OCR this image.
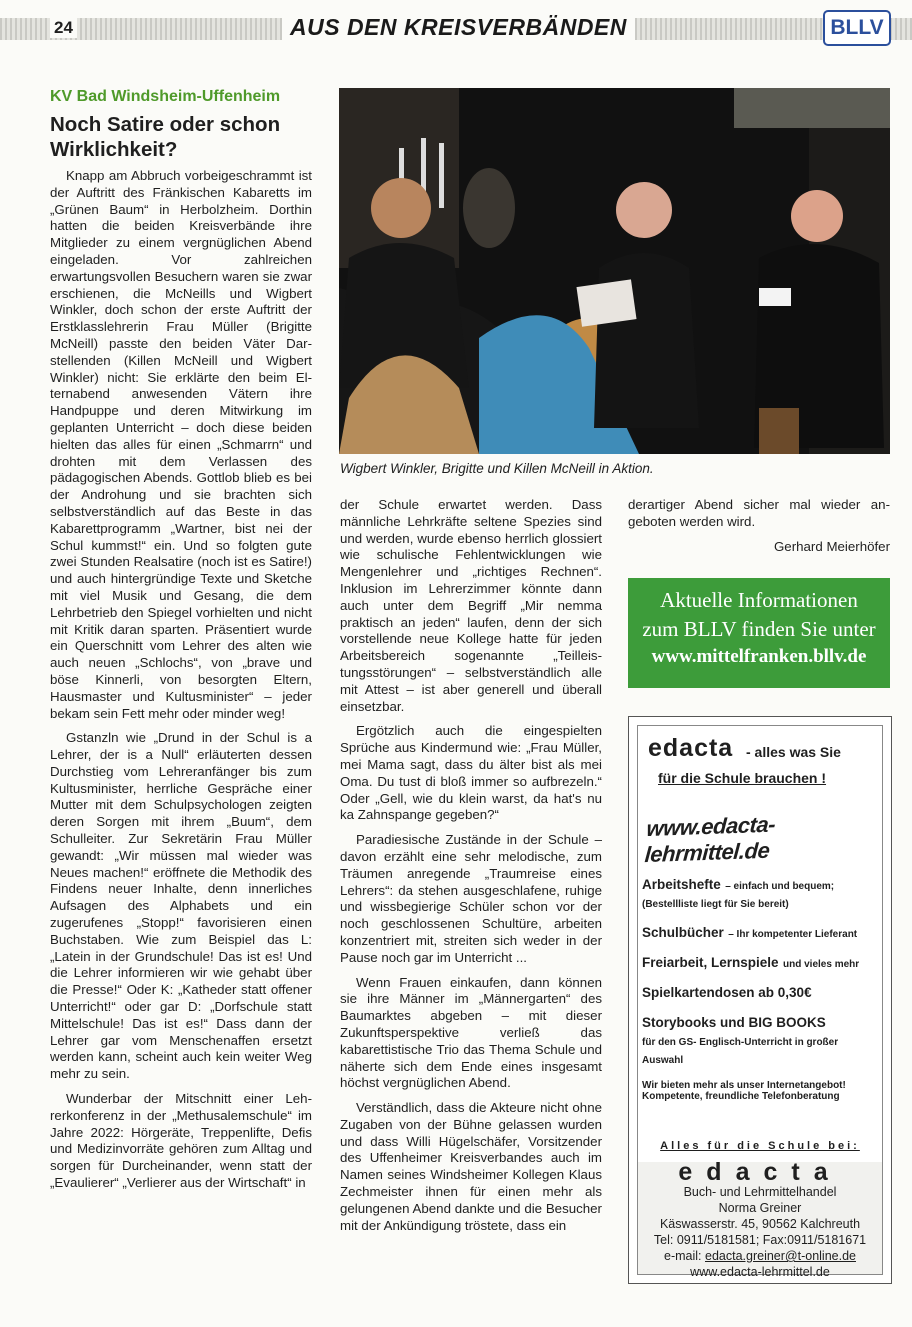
24	AUS DEN KREISVERBÄNDEN	BLLV
KV Bad Windsheim-Uffenheim
Noch Satire oder schon Wirklichkeit?

Knapp am Abbruch vorbeigeschrammt ist der Auftritt des Fränkischen Kabaretts im „Grünen Baum“ in Herbolzheim. Dorthin hatten die beiden Kreisverbände ihre Mitglieder zu einem vergnüglichen Abend eingeladen. Vor zahlreichen erwartungsvollen Besuchern waren sie zwar erschienen, die McNeills und Wigbert Winkler, doch schon der erste Auftritt der Erstklasslehrerin Frau Müller (Brigitte McNeill) passte den beiden Väter Darstellenden (Killen McNeill und Wigbert Winkler) nicht: Sie erklärte den beim Elternabend anwesenden Vätern ihre Handpuppe und deren Mitwirkung im geplanten Unterricht – doch diese beiden hielten das alles für einen „Schmarrn“ und drohten mit dem Verlassen des pädagogischen Abends. Gottlob blieb es bei der Androhung und sie brachten sich selbstverständlich auf das Beste in das Kabarettprogramm „Wartner, bist nei der Schul kummst!“ ein. Und so folgten gute zwei Stunden Realsatire (noch ist es Satire!) und auch hintergründige Texte und Sketche mit viel Musik und Gesang, die dem Lehrbetrieb den Spiegel vorhielten und nicht mit Kritik daran sparten. Präsentiert wurde ein Querschnitt vom Lehrer des alten wie auch neuen „Schlochs“, von „brave und böse Kinnerli, von besorgten Eltern, Hausmaster und Kultusminister“ – jeder bekam sein Fett mehr oder minder weg!

Gstanzln wie „Drund in der Schul is a Lehrer, der is a Null“ erläuterten dessen Durchstieg vom Lehreranfänger bis zum Kultusminister, herrliche Gespräche einer Mutter mit dem Schulpsychologen zeigten deren Sorgen mit ihrem „Buum“, dem Schulleiter. Zur Sekretärin Frau Müller gewandt: „Wir müssen mal wieder was Neues machen!“ eröffnete die Methodik des Findens neuer Inhalte, denn innerliches Aufsagen des Alphabets und ein zugerufenes „Stopp!“ favorisieren einen Buchstaben. Wie zum Beispiel das L: „Latein in der Grundschule! Das ist es! Und die Lehrer informieren wir wie gehabt über die Presse!“ Oder K: „Katheder statt offener Unterricht!“ oder gar D: „Dorfschule statt Mittelschule! Das ist es!“ Dass dann der Lehrer gar vom Menschenaffen ersetzt werden kann, scheint auch kein weiter Weg mehr zu sein.

Wunderbar der Mitschnitt einer Lehrerkonferenz in der „Methusalemschule“ im Jahre 2022: Hörgeräte, Treppenlifte, Defis und Medizinvorräte gehören zum Alltag und sorgen für Durcheinander, wenn statt der „Evaulierer“ „Verlierer aus der Wirtschaft“ in

Wigbert Winkler, Brigitte und Killen McNeill in Aktion.

der Schule erwartet werden. Dass männliche Lehrkräfte seltene Spezies sind und werden, wurde ebenso herrlich glossiert wie schulische Fehlentwicklungen wie Mengenlehrer und „richtiges Rechnen“. Inklusion im Lehrerzimmer könnte dann auch unter dem Begriff „Mir nemma praktisch an jeden“ laufen, denn der sich vorstellende neue Kollege hatte für jeden Arbeitsbereich sogenannte „Teilleistungsstörungen“ – selbstverständlich alle mit Attest – ist aber generell und überall einsetzbar.

Ergötzlich auch die eingespielten Sprüche aus Kindermund wie: „Frau Müller, mei Mama sagt, dass du älter bist als mei Oma. Du tust di bloß immer so aufbrezeln.“ Oder „Gell, wie du klein warst, da hat's nu ka Zahnspange gegeben?“

Paradiesische Zustände in der Schule – davon erzählt eine sehr melodische, zum Träumen anregende „Traumreise eines Lehrers“: da stehen ausgeschlafene, ruhige und wissbegierige Schüler schon vor der noch geschlossenen Schultüre, arbeiten konzentriert mit, streiten sich weder in der Pause noch gar im Unterricht ...

Wenn Frauen einkaufen, dann können sie ihre Männer im „Männergarten“ des Baumarktes abgeben – mit dieser Zukunftsperspektive verließ das kabarettistische Trio das Thema Schule und näherte sich dem Ende eines insgesamt höchst vergnüglichen Abend.

Verständlich, dass die Akteure nicht ohne Zugaben von der Bühne gelassen wurden und dass Willi Hügelschäfer, Vorsitzender des Uffenheimer Kreisverbandes auch im Namen seines Windsheimer Kollegen Klaus Zechmeister ihnen für einen mehr als gelungenen Abend dankte und die Besucher mit der Ankündigung tröstete, dass ein

derartiger Abend sicher mal wieder angeboten werden wird.

Gerhard Meierhöfer
Aktuelle Informationen
zum BLLV finden Sie unter
www.mittelfranken.bllv.de
edacta - alles was Sie
für die Schule brauchen !
www.edacta-lehrmittel.de
Arbeitshefte – einfach und bequem; (Bestellliste liegt für Sie bereit)
Schulbücher – Ihr kompetenter Lieferant
Freiarbeit, Lernspiele und vieles mehr
Spielkartendosen ab 0,30€
Storybooks und BIG BOOKS
für den GS- Englisch-Unterricht in großer Auswahl
Wir bieten mehr als unser Internetangebot! Kompetente, freundliche Telefonberatung
Alles für die Schule bei:
edacta
Buch- und Lehrmittelhandel
Norma Greiner
Käswasserstr. 45, 90562 Kalchreuth
Tel: 0911/5181581; Fax:0911/5181671
e-mail: edacta.greiner@t-online.de
www.edacta-lehrmittel.de
